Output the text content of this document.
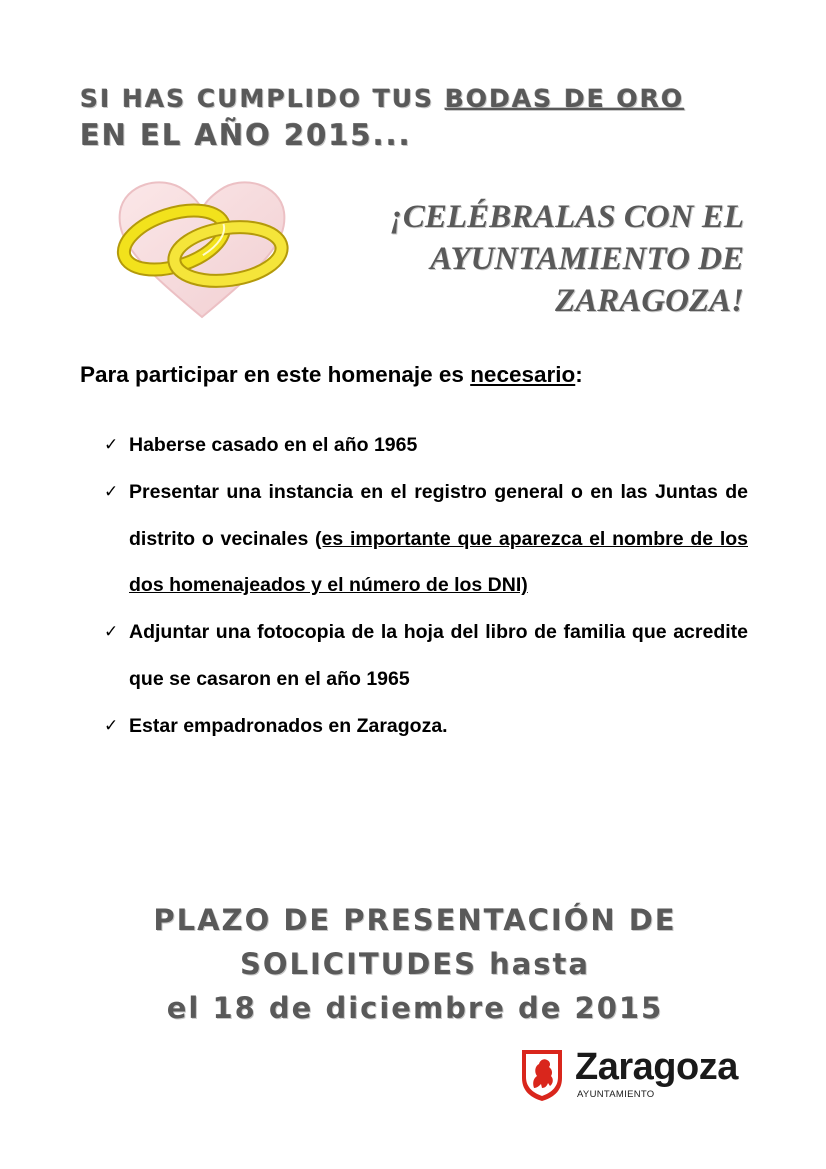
SI HAS CUMPLIDO TUS BODAS DE ORO
EN EL AÑO 2015...
¡CELÉBRALAS CON EL
AYUNTAMIENTO DE
ZARAGOZA!
Para participar en este homenaje es necesario:
✓ Haberse casado en el año 1965
✓ Presentar una instancia en el registro general o en las Juntas de distrito o vecinales (es importante que aparezca el nombre de los dos homenajeados y el número de los DNI)
✓ Adjuntar una fotocopia de la hoja del libro de familia que acredite que se casaron en el año 1965
✓ Estar empadronados en Zaragoza.
PLAZO DE PRESENTACIÓN DE
SOLICITUDES hasta
el 18 de diciembre de 2015
Zaragoza
AYUNTAMIENTO
